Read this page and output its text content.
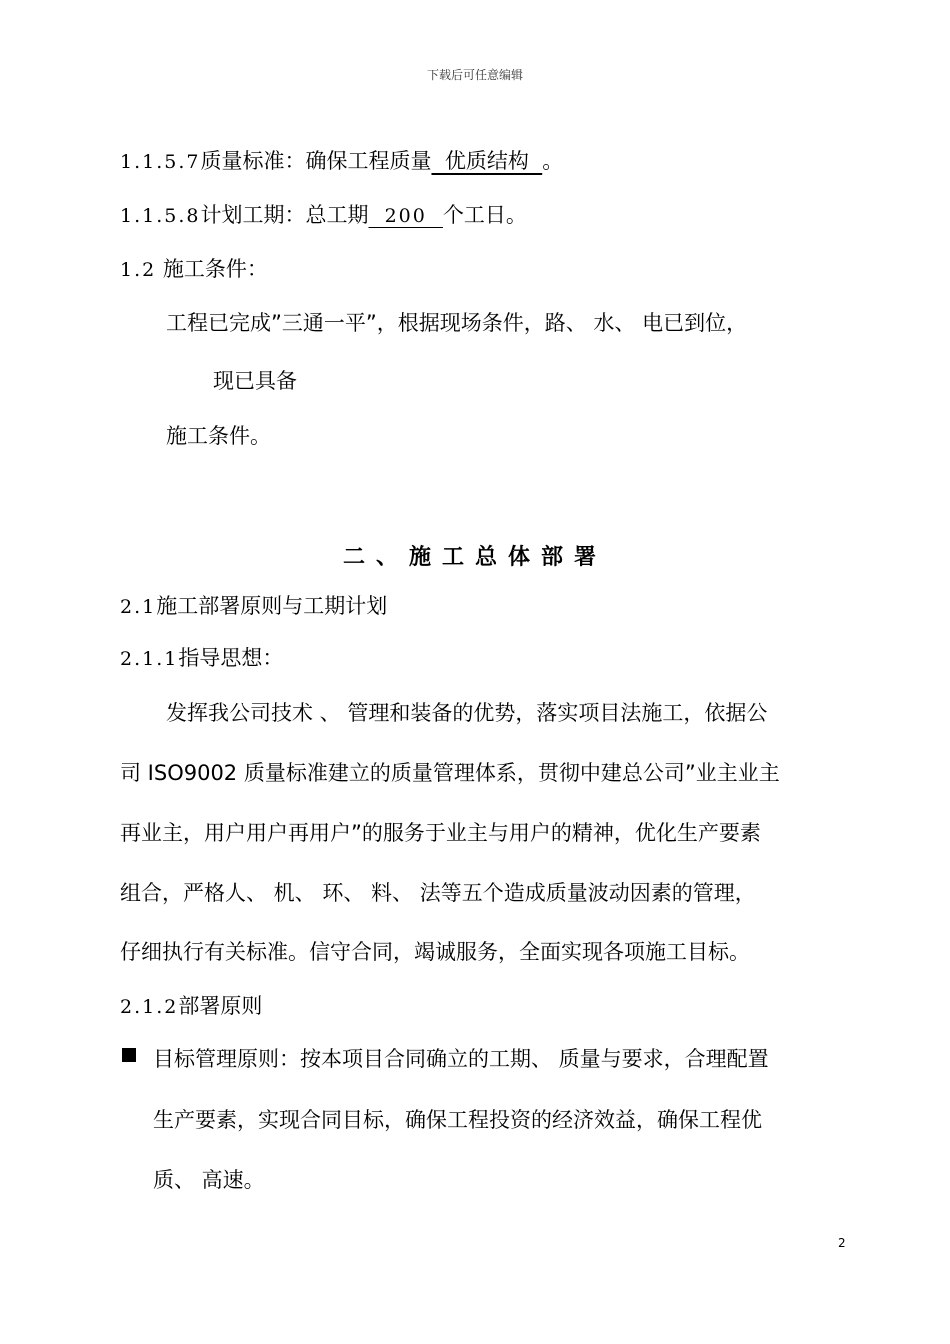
下载后可任意编辑
1.1.5.7质量标准：确保工程质量  优质结构  。
1.1.5.8计划工期：总工期  200  个工日。
1.2 施工条件：
工程已完成”三通一平”，根据现场条件，路、 水、 电已到位，
现已具备
施工条件。
二、施工总体部署
2.1施工部署原则与工期计划
2.1.1指导思想：
发挥我公司技术 、 管理和装备的优势，落实项目法施工，依据公
司 ISO9002 质量标准建立的质量管理体系，贯彻中建总公司”业主业主
再业主，用户用户再用户”的服务于业主与用户的精神，优化生产要素
组合，严格人、 机、 环、 料、 法等五个造成质量波动因素的管理，
仔细执行有关标准。信守合同，竭诚服务，全面实现各项施工目标。
2.1.2部署原则
目标管理原则：按本项目合同确立的工期、 质量与要求，合理配置
生产要素，实现合同目标，确保工程投资的经济效益，确保工程优
质、 高速。
2
